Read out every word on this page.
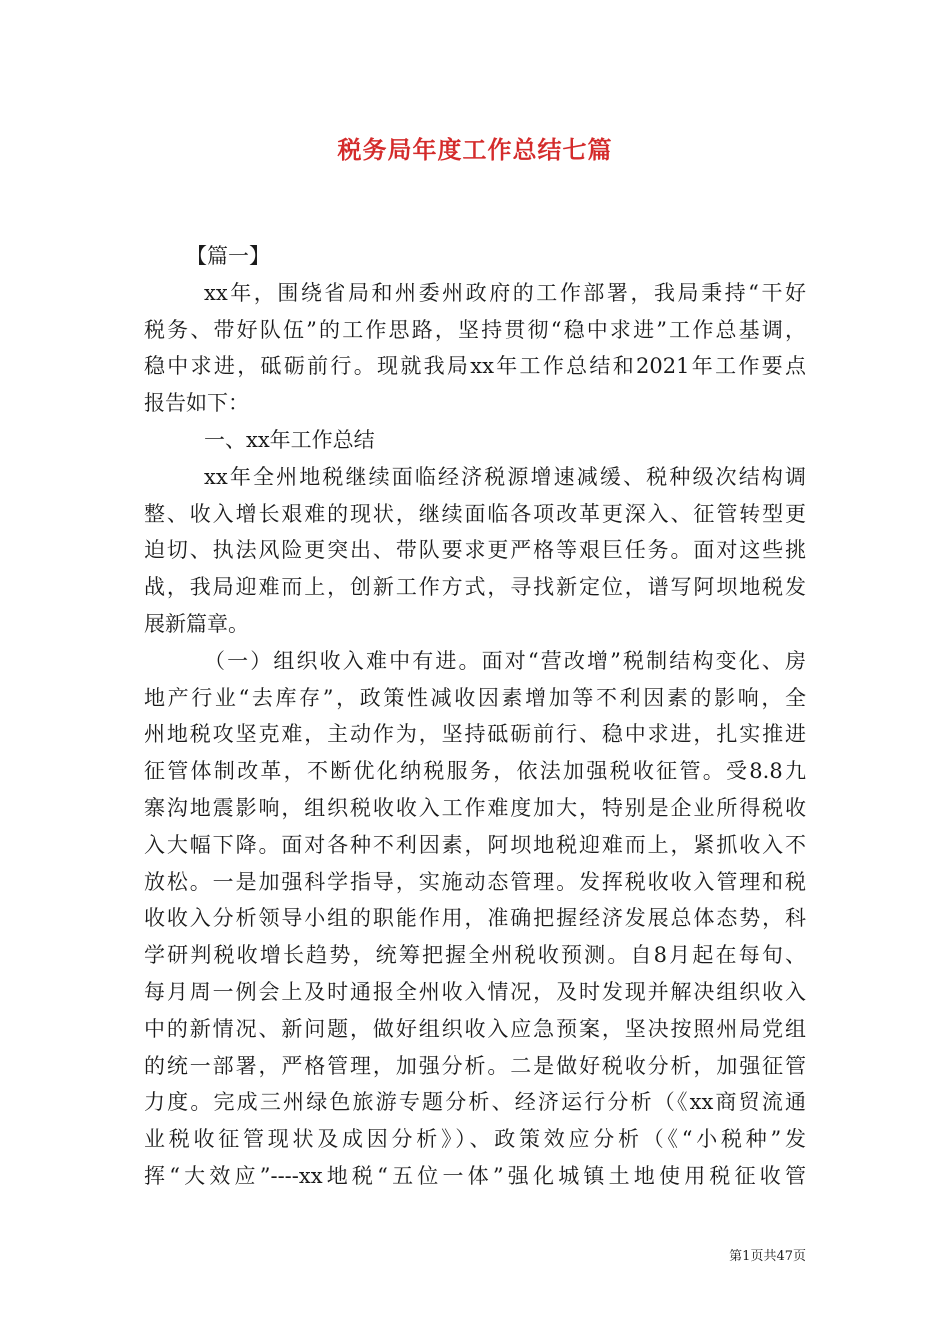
税务局年度工作总结七篇
【篇一】
xx年，围绕省局和州委州政府的工作部署，我局秉持“干好
税务、带好队伍”的工作思路，坚持贯彻“稳中求进”工作总基调，
稳中求进，砥砺前行。现就我局xx年工作总结和2021年工作要点
报告如下：
一、xx年工作总结
xx年全州地税继续面临经济税源增速减缓、税种级次结构调
整、收入增长艰难的现状，继续面临各项改革更深入、征管转型更
迫切、执法风险更突出、带队要求更严格等艰巨任务。面对这些挑
战，我局迎难而上，创新工作方式，寻找新定位，谱写阿坝地税发
展新篇章。
（一）组织收入难中有进。面对“营改增”税制结构变化、房
地产行业“去库存”，政策性减收因素增加等不利因素的影响，全
州地税攻坚克难，主动作为，坚持砥砺前行、稳中求进，扎实推进
征管体制改革，不断优化纳税服务，依法加强税收征管。受8.8九
寨沟地震影响，组织税收收入工作难度加大，特别是企业所得税收
入大幅下降。面对各种不利因素，阿坝地税迎难而上，紧抓收入不
放松。一是加强科学指导，实施动态管理。发挥税收收入管理和税
收收入分析领导小组的职能作用，准确把握经济发展总体态势，科
学研判税收增长趋势，统筹把握全州税收预测。自8月起在每旬、
每月周一例会上及时通报全州收入情况，及时发现并解决组织收入
中的新情况、新问题，做好组织收入应急预案，坚决按照州局党组
的统一部署，严格管理，加强分析。二是做好税收分析，加强征管
力度。完成三州绿色旅游专题分析、经济运行分析（《xx商贸流通
业税收征管现状及成因分析》）、政策效应分析（《“小税种”发
挥“大效应”----xx地税“五位一体”强化城镇土地使用税征收管
第1页共47页
